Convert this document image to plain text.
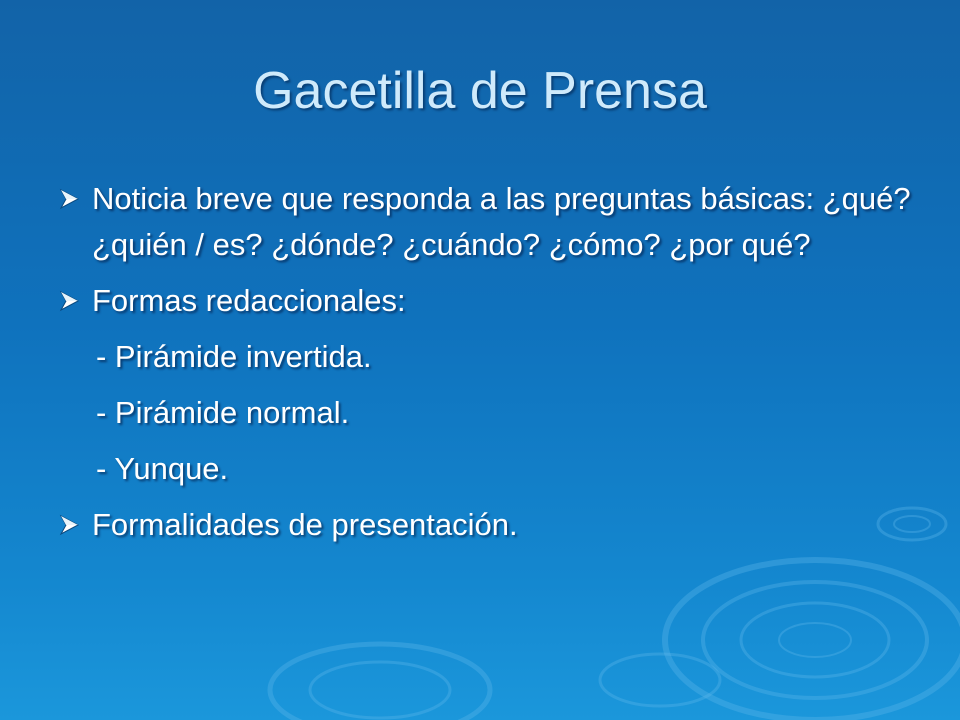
Gacetilla de Prensa

Noticia breve que responda a las preguntas básicas: ¿qué? ¿quién / es? ¿dónde? ¿cuándo? ¿cómo? ¿por qué?

Formas redaccionales:

- Pirámide invertida.

- Pirámide normal.

- Yunque.

Formalidades de presentación.
